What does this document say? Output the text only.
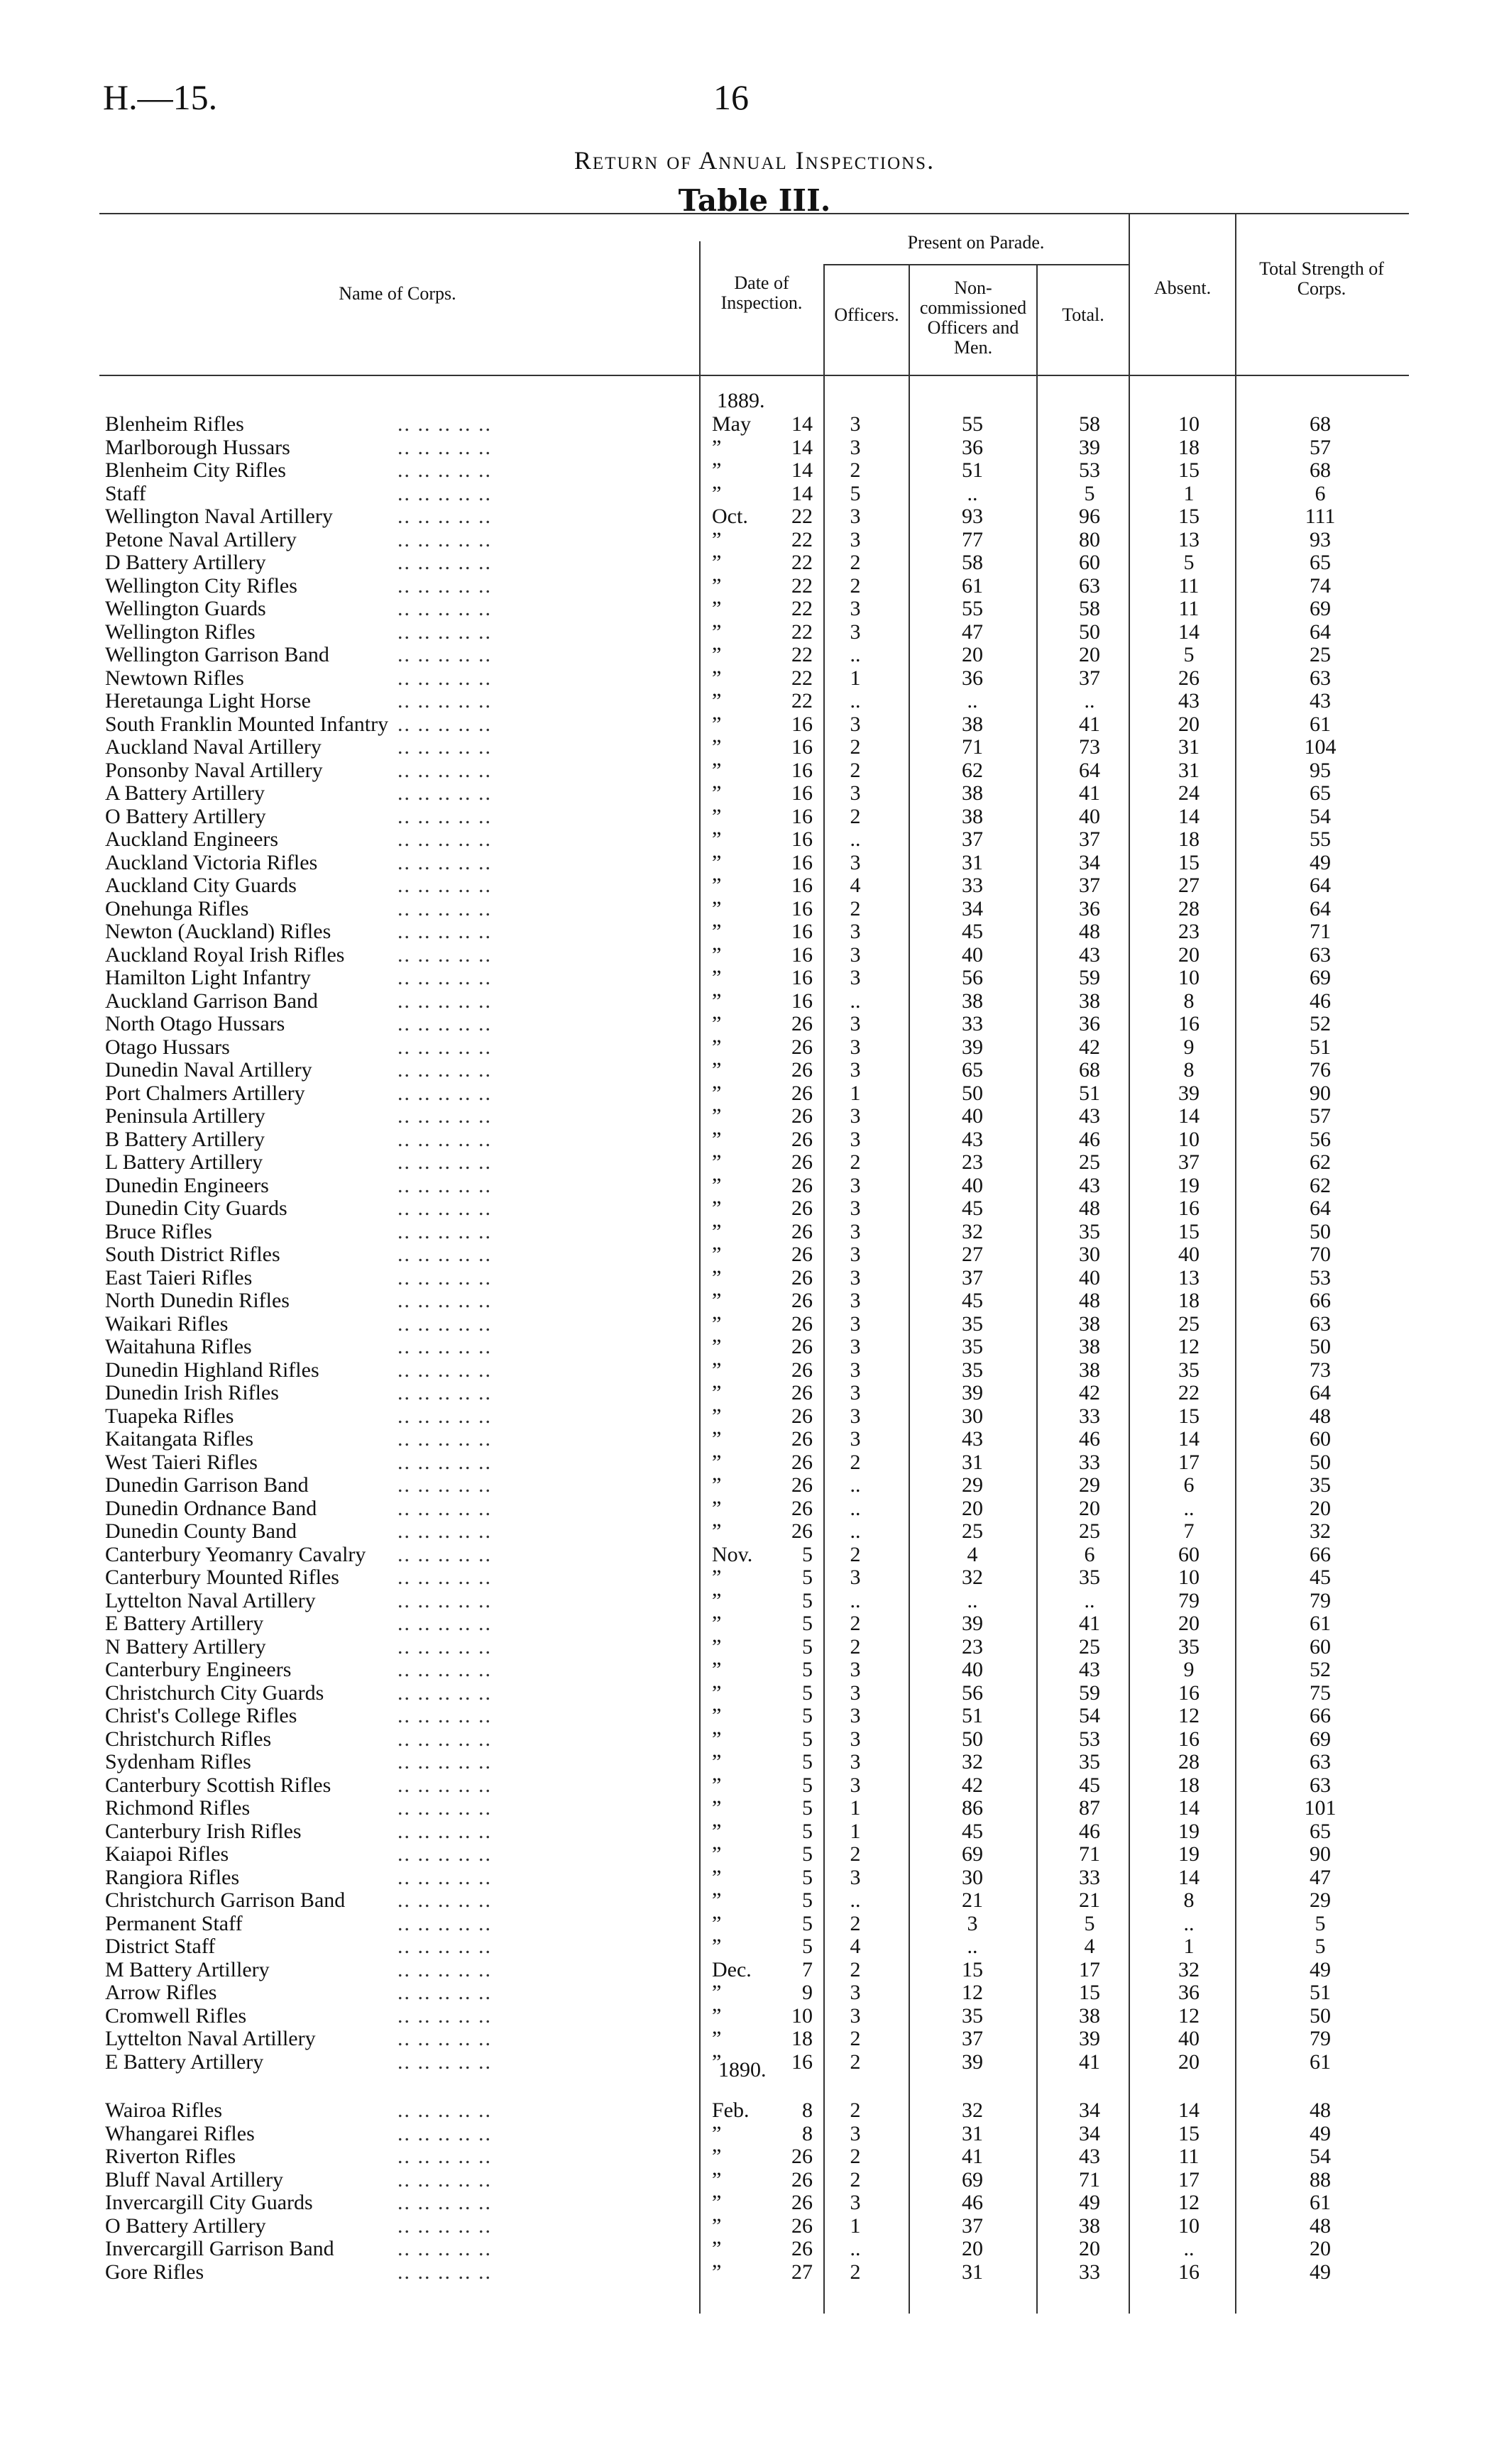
H.—15.	16
Return of Annual Inspections.
Table III.
Name of Corps.
Date of Inspection.
Present on Parade.
Officers.
Non-commissioned Officers and Men.
Total.
Absent.
Total Strength of Corps.
1889.
1890.
Blenheim Rifles	.. .. .. .. ..	May	14	3	55	58	10	68
Marlborough Hussars	.. .. .. .. ..	”	14	3	36	39	18	57
Blenheim City Rifles	.. .. .. .. ..	”	14	2	51	53	15	68
Staff	.. .. .. .. ..	”	14	5	..	5	1	6
Wellington Naval Artillery	.. .. .. .. ..	Oct.	22	3	93	96	15	111
Petone Naval Artillery	.. .. .. .. ..	”	22	3	77	80	13	93
D Battery Artillery	.. .. .. .. ..	”	22	2	58	60	5	65
Wellington City Rifles	.. .. .. .. ..	”	22	2	61	63	11	74
Wellington Guards	.. .. .. .. ..	”	22	3	55	58	11	69
Wellington Rifles	.. .. .. .. ..	”	22	3	47	50	14	64
Wellington Garrison Band	.. .. .. .. ..	”	22	..	20	20	5	25
Newtown Rifles	.. .. .. .. ..	”	22	1	36	37	26	63
Heretaunga Light Horse	.. .. .. .. ..	”	22	..	..	..	43	43
South Franklin Mounted Infantry .. .. .. .. ..	”	16	3	38	41	20	61
Auckland Naval Artillery	.. .. .. .. ..	”	16	2	71	73	31	104
Ponsonby Naval Artillery	.. .. .. .. ..	”	16	2	62	64	31	95
A Battery Artillery	.. .. .. .. ..	”	16	3	38	41	24	65
O Battery Artillery	.. .. .. .. ..	”	16	2	38	40	14	54
Auckland Engineers	.. .. .. .. ..	”	16	..	37	37	18	55
Auckland Victoria Rifles	.. .. .. .. ..	”	16	3	31	34	15	49
Auckland City Guards	.. .. .. .. ..	”	16	4	33	37	27	64
Onehunga Rifles	.. .. .. .. ..	”	16	2	34	36	28	64
Newton (Auckland) Rifles	.. .. .. .. ..	”	16	3	45	48	23	71
Auckland Royal Irish Rifles .. .. .. .. ..	”	16	3	40	43	20	63
Hamilton Light Infantry	.. .. .. .. ..	”	16	3	56	59	10	69
Auckland Garrison Band	.. .. .. .. ..	”	16	..	38	38	8	46
North Otago Hussars	.. .. .. .. ..	”	26	3	33	36	16	52
Otago Hussars	.. .. .. .. ..	”	26	3	39	42	9	51
Dunedin Naval Artillery	.. .. .. .. ..	”	26	3	65	68	8	76
Port Chalmers Artillery	.. .. .. .. ..	”	26	1	50	51	39	90
Peninsula Artillery	.. .. .. .. ..	”	26	3	40	43	14	57
B Battery Artillery	.. .. .. .. ..	”	26	3	43	46	10	56
L Battery Artillery	.. .. .. .. ..	”	26	2	23	25	37	62
Dunedin Engineers	.. .. .. .. ..	”	26	3	40	43	19	62
Dunedin City Guards	.. .. .. .. ..	”	26	3	45	48	16	64
Bruce Rifles	.. .. .. .. ..	”	26	3	32	35	15	50
South District Rifles	.. .. .. .. ..	”	26	3	27	30	40	70
East Taieri Rifles	.. .. .. .. ..	”	26	3	37	40	13	53
North Dunedin Rifles	.. .. .. .. ..	”	26	3	45	48	18	66
Waikari Rifles	.. .. .. .. ..	”	26	3	35	38	25	63
Waitahuna Rifles	.. .. .. .. ..	”	26	3	35	38	12	50
Dunedin Highland Rifles	.. .. .. .. ..	”	26	3	35	38	35	73
Dunedin Irish Rifles	.. .. .. .. ..	”	26	3	39	42	22	64
Tuapeka Rifles	.. .. .. .. ..	”	26	3	30	33	15	48
Kaitangata Rifles	.. .. .. .. ..	”	26	3	43	46	14	60
West Taieri Rifles	.. .. .. .. ..	”	26	2	31	33	17	50
Dunedin Garrison Band	.. .. .. .. ..	”	26	..	29	29	6	35
Dunedin Ordnance Band	.. .. .. .. ..	”	26	..	20	20	..	20
Dunedin County Band	.. .. .. .. ..	”	26	..	25	25	7	32
Canterbury Yeomanry Cavalry .. .. .. .. ..	Nov.	5	2	4	6	60	66
Canterbury Mounted Rifles	.. .. .. .. ..	”	5	3	32	35	10	45
Lyttelton Naval Artillery	.. .. .. .. ..	”	5	..	..	..	79	79
E Battery Artillery	.. .. .. .. ..	”	5	2	39	41	20	61
N Battery Artillery	.. .. .. .. ..	”	5	2	23	25	35	60
Canterbury Engineers	.. .. .. .. ..	”	5	3	40	43	9	52
Christchurch City Guards	.. .. .. .. ..	”	5	3	56	59	16	75
Christ's College Rifles	.. .. .. .. ..	”	5	3	51	54	12	66
Christchurch Rifles	.. .. .. .. ..	”	5	3	50	53	16	69
Sydenham Rifles	.. .. .. .. ..	”	5	3	32	35	28	63
Canterbury Scottish Rifles	.. .. .. .. ..	”	5	3	42	45	18	63
Richmond Rifles	.. .. .. .. ..	”	5	1	86	87	14	101
Canterbury Irish Rifles	.. .. .. .. ..	”	5	1	45	46	19	65
Kaiapoi Rifles	.. .. .. .. ..	”	5	2	69	71	19	90
Rangiora Rifles	.. .. .. .. ..	”	5	3	30	33	14	47
Christchurch Garrison Band .. .. .. .. ..	”	5	..	21	21	8	29
Permanent Staff	.. .. .. .. ..	”	5	2	3	5	..	5
District Staff	.. .. .. .. ..	”	5	4	..	4	1	5
M Battery Artillery	.. .. .. .. ..	Dec.	7	2	15	17	32	49
Arrow Rifles	.. .. .. .. ..	”	9	3	12	15	36	51
Cromwell Rifles	.. .. .. .. ..	”	10	3	35	38	12	50
Lyttelton Naval Artillery	.. .. .. .. ..	”	18	2	37	39	40	79
E Battery Artillery	.. .. .. .. ..	”	16	2	39	41	20	61
Wairoa Rifles	.. .. .. .. ..	Feb.	8	2	32	34	14	48
Whangarei Rifles	.. .. .. .. ..	”	8	3	31	34	15	49
Riverton Rifles	.. .. .. .. ..	”	26	2	41	43	11	54
Bluff Naval Artillery	.. .. .. .. ..	”	26	2	69	71	17	88
Invercargill City Guards	.. .. .. .. ..	”	26	3	46	49	12	61
O Battery Artillery	.. .. .. .. ..	”	26	1	37	38	10	48
Invercargill Garrison Band	.. .. .. .. ..	”	26	..	20	20	..	20
Gore Rifles	.. .. .. .. ..	”	27	2	31	33	16	49
